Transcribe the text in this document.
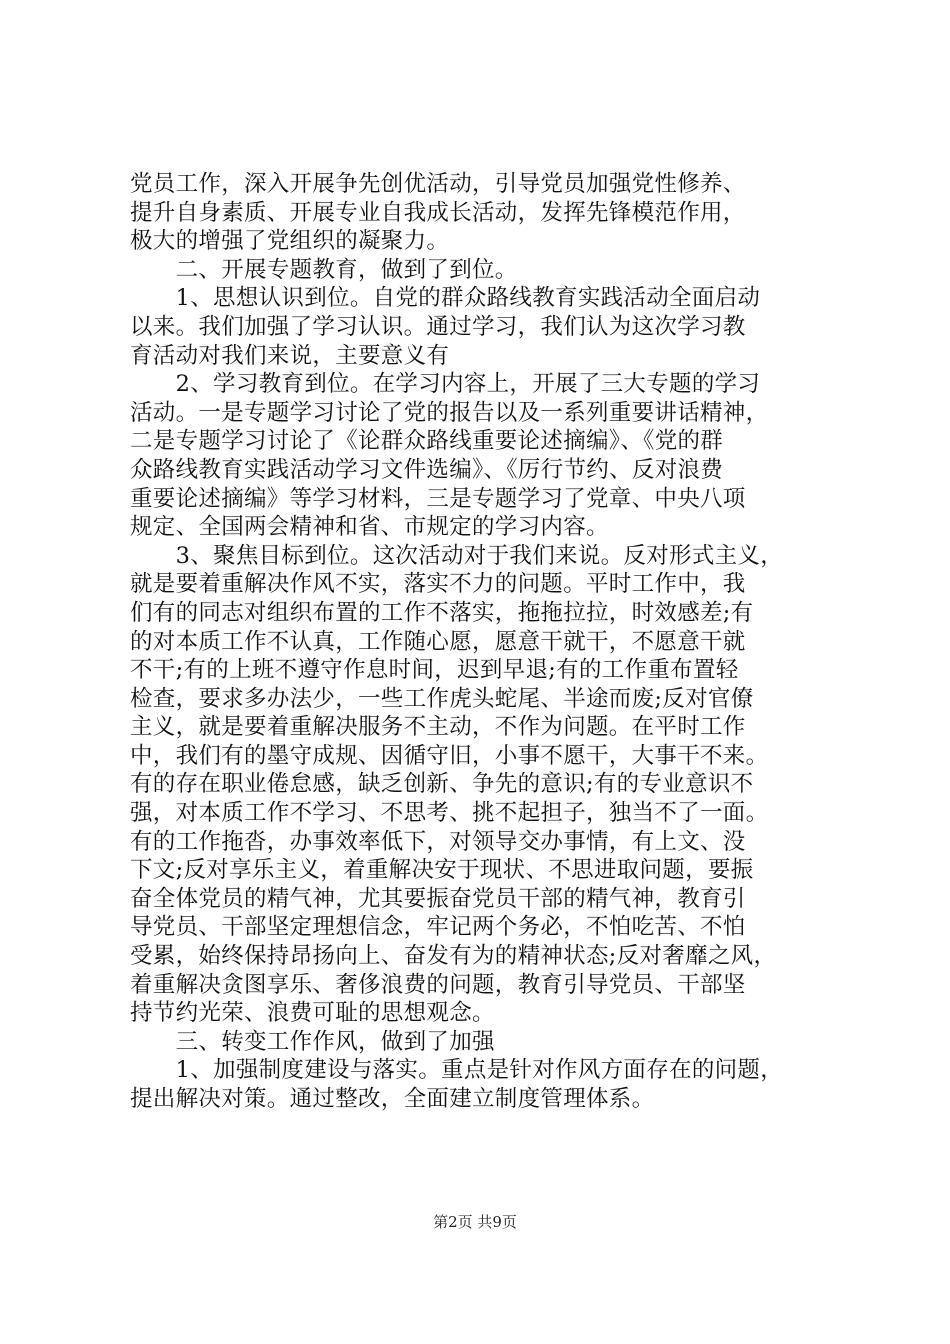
党员工作，深入开展争先创优活动，引导党员加强党性修养、
提升自身素质、开展专业自我成长活动，发挥先锋模范作用，
极大的增强了党组织的凝聚力。
　　二、开展专题教育，做到了到位。
　　1、思想认识到位。自党的群众路线教育实践活动全面启动
以来。我们加强了学习认识。通过学习，我们认为这次学习教
育活动对我们来说，主要意义有
　　2、学习教育到位。在学习内容上，开展了三大专题的学习
活动。一是专题学习讨论了党的报告以及一系列重要讲话精神，
二是专题学习讨论了《论群众路线重要论述摘编》、《党的群
众路线教育实践活动学习文件选编》、《厉行节约、反对浪费
重要论述摘编》等学习材料，三是专题学习了党章、中央八项
规定、全国两会精神和省、市规定的学习内容。
　　3、聚焦目标到位。这次活动对于我们来说。反对形式主义，
就是要着重解决作风不实，落实不力的问题。平时工作中，我
们有的同志对组织布置的工作不落实，拖拖拉拉，时效感差;有
的对本质工作不认真，工作随心愿，愿意干就干，不愿意干就
不干;有的上班不遵守作息时间，迟到早退;有的工作重布置轻
检查，要求多办法少，一些工作虎头蛇尾、半途而废;反对官僚
主义，就是要着重解决服务不主动，不作为问题。在平时工作
中，我们有的墨守成规、因循守旧，小事不愿干，大事干不来。
有的存在职业倦怠感，缺乏创新、争先的意识;有的专业意识不
强，对本质工作不学习、不思考、挑不起担子，独当不了一面。
有的工作拖沓，办事效率低下，对领导交办事情，有上文、没
下文;反对享乐主义，着重解决安于现状、不思进取问题，要振
奋全体党员的精气神，尤其要振奋党员干部的精气神，教育引
导党员、干部坚定理想信念，牢记两个务必，不怕吃苦、不怕
受累，始终保持昂扬向上、奋发有为的精神状态;反对奢靡之风，
着重解决贪图享乐、奢侈浪费的问题，教育引导党员、干部坚
持节约光荣、浪费可耻的思想观念。
　　三、转变工作作风，做到了加强
　　1、加强制度建设与落实。重点是针对作风方面存在的问题，
提出解决对策。通过整改，全面建立制度管理体系。
第2页 共9页
